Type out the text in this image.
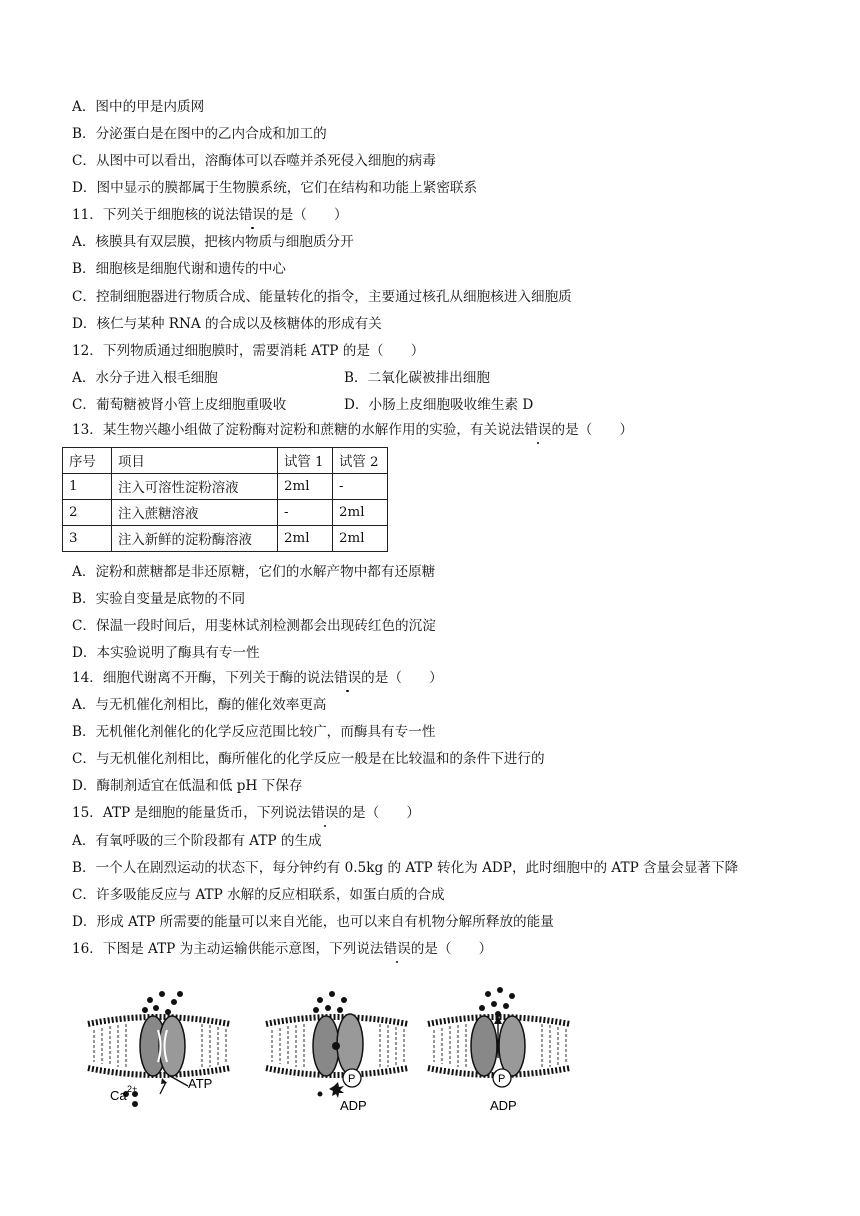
A．图中的甲是内质网
B．分泌蛋白是在图中的乙内合成和加工的
C．从图中可以看出，溶酶体可以吞噬并杀死侵入细胞的病毒
D．图中显示的膜都属于生物膜系统，它们在结构和功能上紧密联系
11．下列关于细胞核的说法错误的是（　　）
A．核膜具有双层膜，把核内物质与细胞质分开
B．细胞核是细胞代谢和遗传的中心
C．控制细胞器进行物质合成、能量转化的指令，主要通过核孔从细胞核进入细胞质
D．核仁与某种 RNA 的合成以及核糖体的形成有关
12．下列物质通过细胞膜时，需要消耗 ATP 的是（　　）
A．水分子进入根毛细胞	B．二氧化碳被排出细胞
C．葡萄糖被肾小管上皮细胞重吸收	D．小肠上皮细胞吸收维生素 D
13．某生物兴趣小组做了淀粉酶对淀粉和蔗糖的水解作用的实验，有关说法错误的是（　　）
序号	项目	试管 1	试管 2
1	注入可溶性淀粉溶液	2ml	-
2	注入蔗糖溶液	-	2ml
3	注入新鲜的淀粉酶溶液	2ml	2ml
A．淀粉和蔗糖都是非还原糖，它们的水解产物中都有还原糖
B．实验自变量是底物的不同
C．保温一段时间后，用斐林试剂检测都会出现砖红色的沉淀
D．本实验说明了酶具有专一性
14．细胞代谢离不开酶，下列关于酶的说法错误的是（　　）
A．与无机催化剂相比，酶的催化效率更高
B．无机催化剂催化的化学反应范围比较广，而酶具有专一性
C．与无机催化剂相比，酶所催化的化学反应一般是在比较温和的条件下进行的
D．酶制剂适宜在低温和低 pH 下保存
15．ATP 是细胞的能量货币，下列说法错误的是（　　）
A．有氧呼吸的三个阶段都有 ATP 的生成
B．一个人在剧烈运动的状态下，每分钟约有 0.5kg 的 ATP 转化为 ADP，此时细胞中的 ATP 含量会显著下降
C．许多吸能反应与 ATP 水解的反应相联系，如蛋白质的合成
D．形成 ATP 所需要的能量可以来自光能，也可以来自有机物分解所释放的能量
16．下图是 ATP 为主动运输供能示意图，下列说法错误的是（　　）
Ca 2+	ATP	P
ADP
P
ADP
